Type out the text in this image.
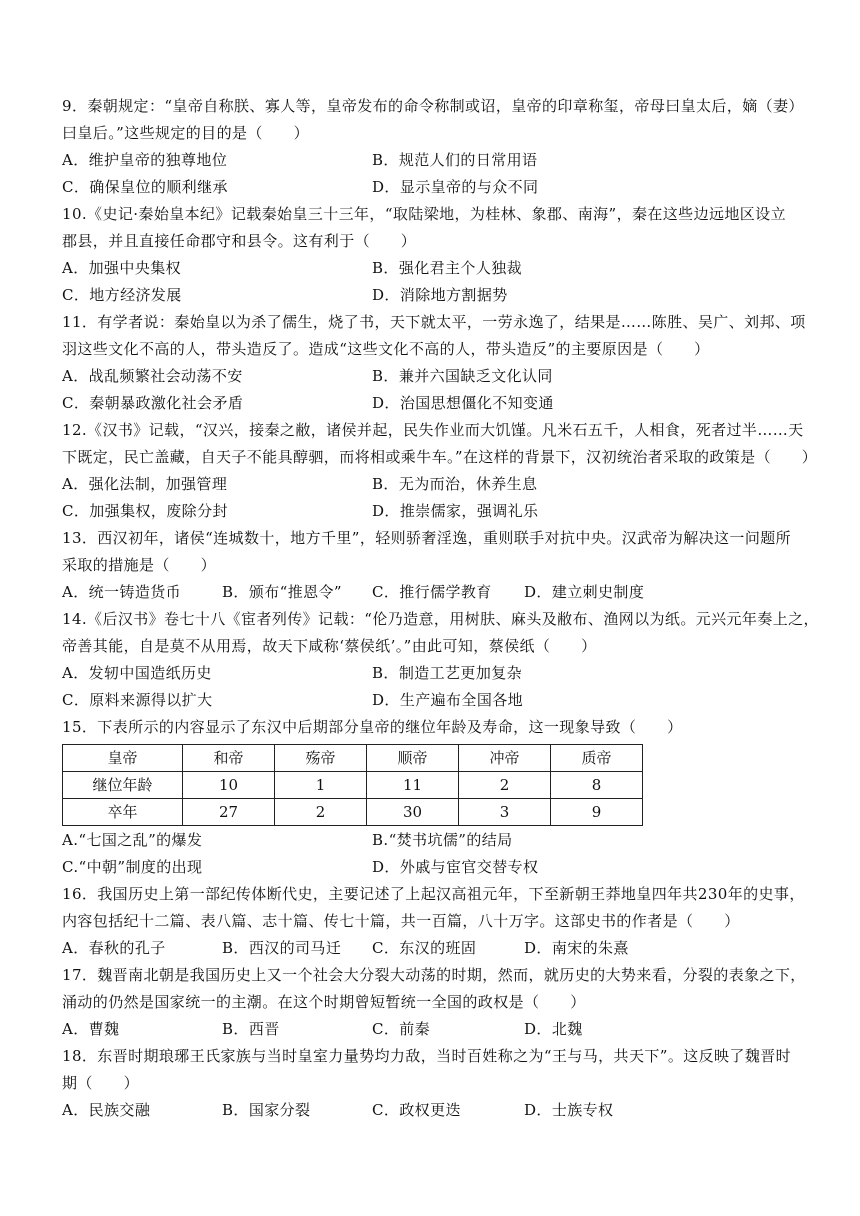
9．秦朝规定：“皇帝自称朕、寡人等，皇帝发布的命令称制或诏，皇帝的印章称玺，帝母曰皇太后，嫡（妻）
曰皇后。”这些规定的目的是（　　）
A．维护皇帝的独尊地位	B．规范人们的日常用语
C．确保皇位的顺利继承	D．显示皇帝的与众不同
10.《史记·秦始皇本纪》记载秦始皇三十三年，“取陆梁地，为桂林、象郡、南海”，秦在这些边远地区设立
郡县，并且直接任命郡守和县令。这有利于（　　）
A．加强中央集权	B．强化君主个人独裁
C．地方经济发展	D．消除地方割据势
11．有学者说：秦始皇以为杀了儒生，烧了书，天下就太平，一劳永逸了，结果是……陈胜、吴广、刘邦、项
羽这些文化不高的人，带头造反了。造成“这些文化不高的人，带头造反”的主要原因是（　　）
A．战乱频繁社会动荡不安	B．兼并六国缺乏文化认同
C．秦朝暴政激化社会矛盾	D．治国思想僵化不知变通
12.《汉书》记载，“汉兴，接秦之敝，诸侯并起，民失作业而大饥馑。凡米石五千，人相食，死者过半……天
下既定，民亡盖藏，自天子不能具醇驷，而将相或乘牛车。”在这样的背景下，汉初统治者采取的政策是（　　）
A．强化法制，加强管理	B．无为而治，休养生息
C．加强集权，废除分封	D．推崇儒家，强调礼乐
13．西汉初年，诸侯“连城数十，地方千里”，轻则骄奢淫逸，重则联手对抗中央。汉武帝为解决这一问题所
采取的措施是（　　）
A．统一铸造货币	B．颁布“推恩令” C．推行儒学教育 D．建立刺史制度
14.《后汉书》卷七十八《宦者列传》记载：“伦乃造意，用树肤、麻头及敝布、渔网以为纸。元兴元年奏上之，
帝善其能，自是莫不从用焉，故天下咸称‘蔡侯纸’。”由此可知，蔡侯纸（　　）
A．发轫中国造纸历史	B．制造工艺更加复杂
C．原料来源得以扩大	D．生产遍布全国各地
15．下表所示的内容显示了东汉中后期部分皇帝的继位年龄及寿命，这一现象导致（　　）
皇帝	和帝	殇帝	顺帝	冲帝	质帝
继位年龄	10	1	11	2	8
卒年	27	2	30	3	9
A.“七国之乱”的爆发	B.“焚书坑儒”的结局
C.“中朝”制度的出现	D．外戚与宦官交替专权
16．我国历史上第一部纪传体断代史，主要记述了上起汉高祖元年，下至新朝王莽地皇四年共230年的史事，
内容包括纪十二篇、表八篇、志十篇、传七十篇，共一百篇，八十万字。这部史书的作者是（　　）
A．春秋的孔子	B．西汉的司马迁 C．东汉的班固	D．南宋的朱熹
17．魏晋南北朝是我国历史上又一个社会大分裂大动荡的时期，然而，就历史的大势来看，分裂的表象之下，
涌动的仍然是国家统一的主潮。在这个时期曾短暂统一全国的政权是（　　）
A．曹魏	B．西晋	C．前秦	D．北魏
18．东晋时期琅琊王氏家族与当时皇室力量势均力敌，当时百姓称之为“王与马，共天下”。这反映了魏晋时
期（　　）
A．民族交融	B．国家分裂	C．政权更迭	D．士族专权
